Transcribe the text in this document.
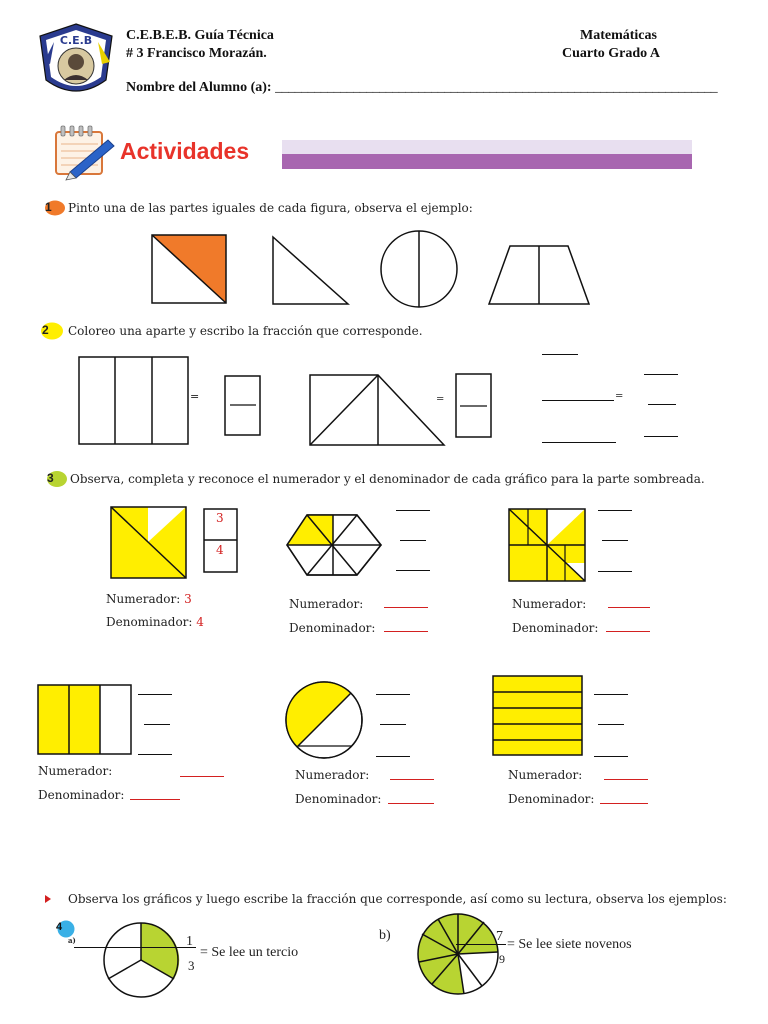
C.E.B C.E.B.E.B. Guía Técnica
# 3 Francisco Morazán.
Matemáticas
Cuarto Grado A
Nombre del Alumno (a): ____________________________________________________________________
Actividades
1 Pinto una de las partes iguales de cada figura, observa el ejemplo:
2 Coloreo una aparte y escribo la fracción que corresponde.
=	=	=
3 Observa, completa y reconoce el numerador y el denominador de cada gráfico para la parte sombreada.
3
4
Numerador: 3
Denominador: 4
Numerador:
Denominador:
Numerador:
Denominador:
Numerador:
Denominador:
Numerador:
Denominador:
Numerador:
Denominador:
Observa los gráficos y luego escribe la fracción que corresponde, así como su lectura, observa los ejemplos:
4
a)	1
3
= Se lee un tercio
b)	7
9
= Se lee siete novenos
